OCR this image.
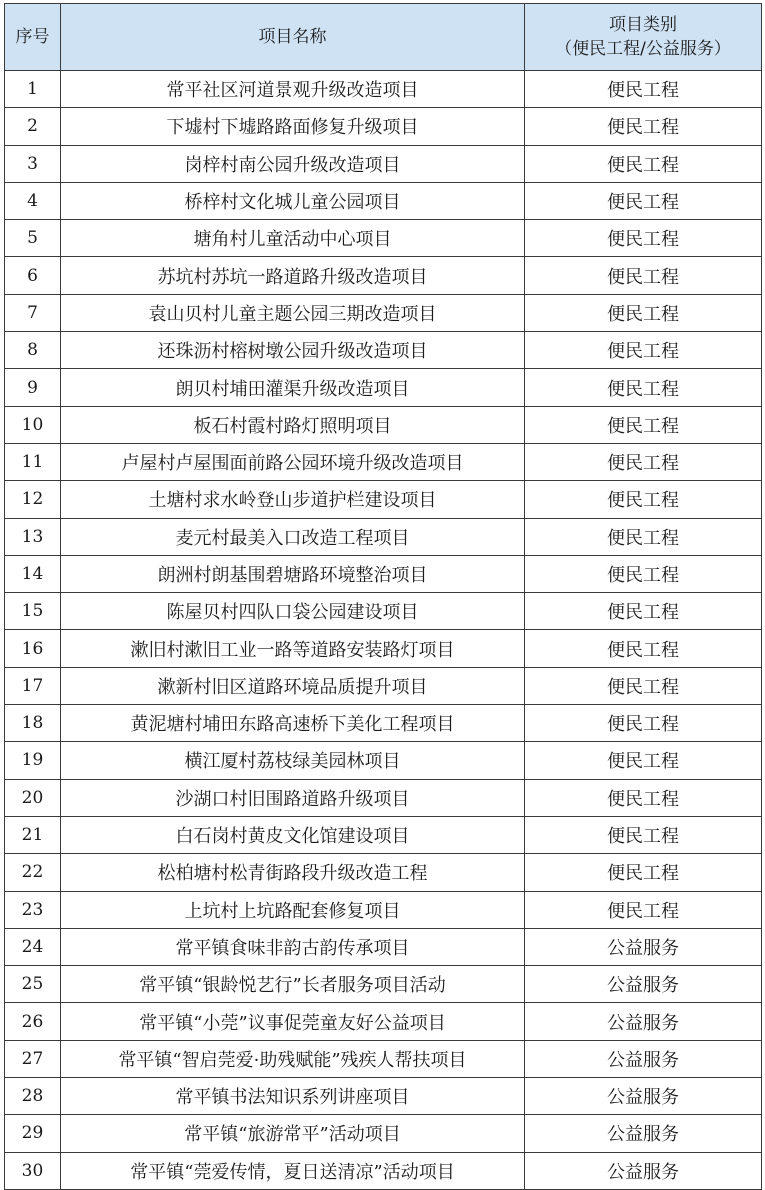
序号	项目名称	项目类别
（便民工程/公益服务）

1	常平社区河道景观升级改造项目	便民工程
2	下墟村下墟路路面修复升级项目	便民工程
3	岗梓村南公园升级改造项目	便民工程
4	桥梓村文化城儿童公园项目	便民工程
5	塘角村儿童活动中心项目	便民工程
6	苏坑村苏坑一路道路升级改造项目	便民工程
7	袁山贝村儿童主题公园三期改造项目	便民工程
8	还珠沥村榕树墩公园升级改造项目	便民工程
9	朗贝村埔田灌渠升级改造项目	便民工程
10	板石村霞村路灯照明项目	便民工程
11	卢屋村卢屋围面前路公园环境升级改造项目	便民工程
12	土塘村求水岭登山步道护栏建设项目	便民工程
13	麦元村最美入口改造工程项目	便民工程
14	朗洲村朗基围碧塘路环境整治项目	便民工程
15	陈屋贝村四队口袋公园建设项目	便民工程
16	漱旧村漱旧工业一路等道路安装路灯项目	便民工程
17	漱新村旧区道路环境品质提升项目	便民工程
18	黄泥塘村埔田东路高速桥下美化工程项目	便民工程
19	横江厦村荔枝绿美园林项目	便民工程
20	沙湖口村旧围路道路升级项目	便民工程
21	白石岗村黄皮文化馆建设项目	便民工程
22	松柏塘村松青街路段升级改造工程	便民工程
23	上坑村上坑路配套修复项目	便民工程
24	常平镇食味非韵古韵传承项目	公益服务
25	常平镇“银龄悦艺行”长者服务项目活动	公益服务
26	常平镇“小莞”议事促莞童友好公益项目	公益服务
27	常平镇“智启莞爱·助残赋能”残疾人帮扶项目	公益服务
28	常平镇书法知识系列讲座项目	公益服务
29	常平镇“旅游常平”活动项目	公益服务
30	常平镇“莞爱传情，夏日送清凉”活动项目	公益服务
